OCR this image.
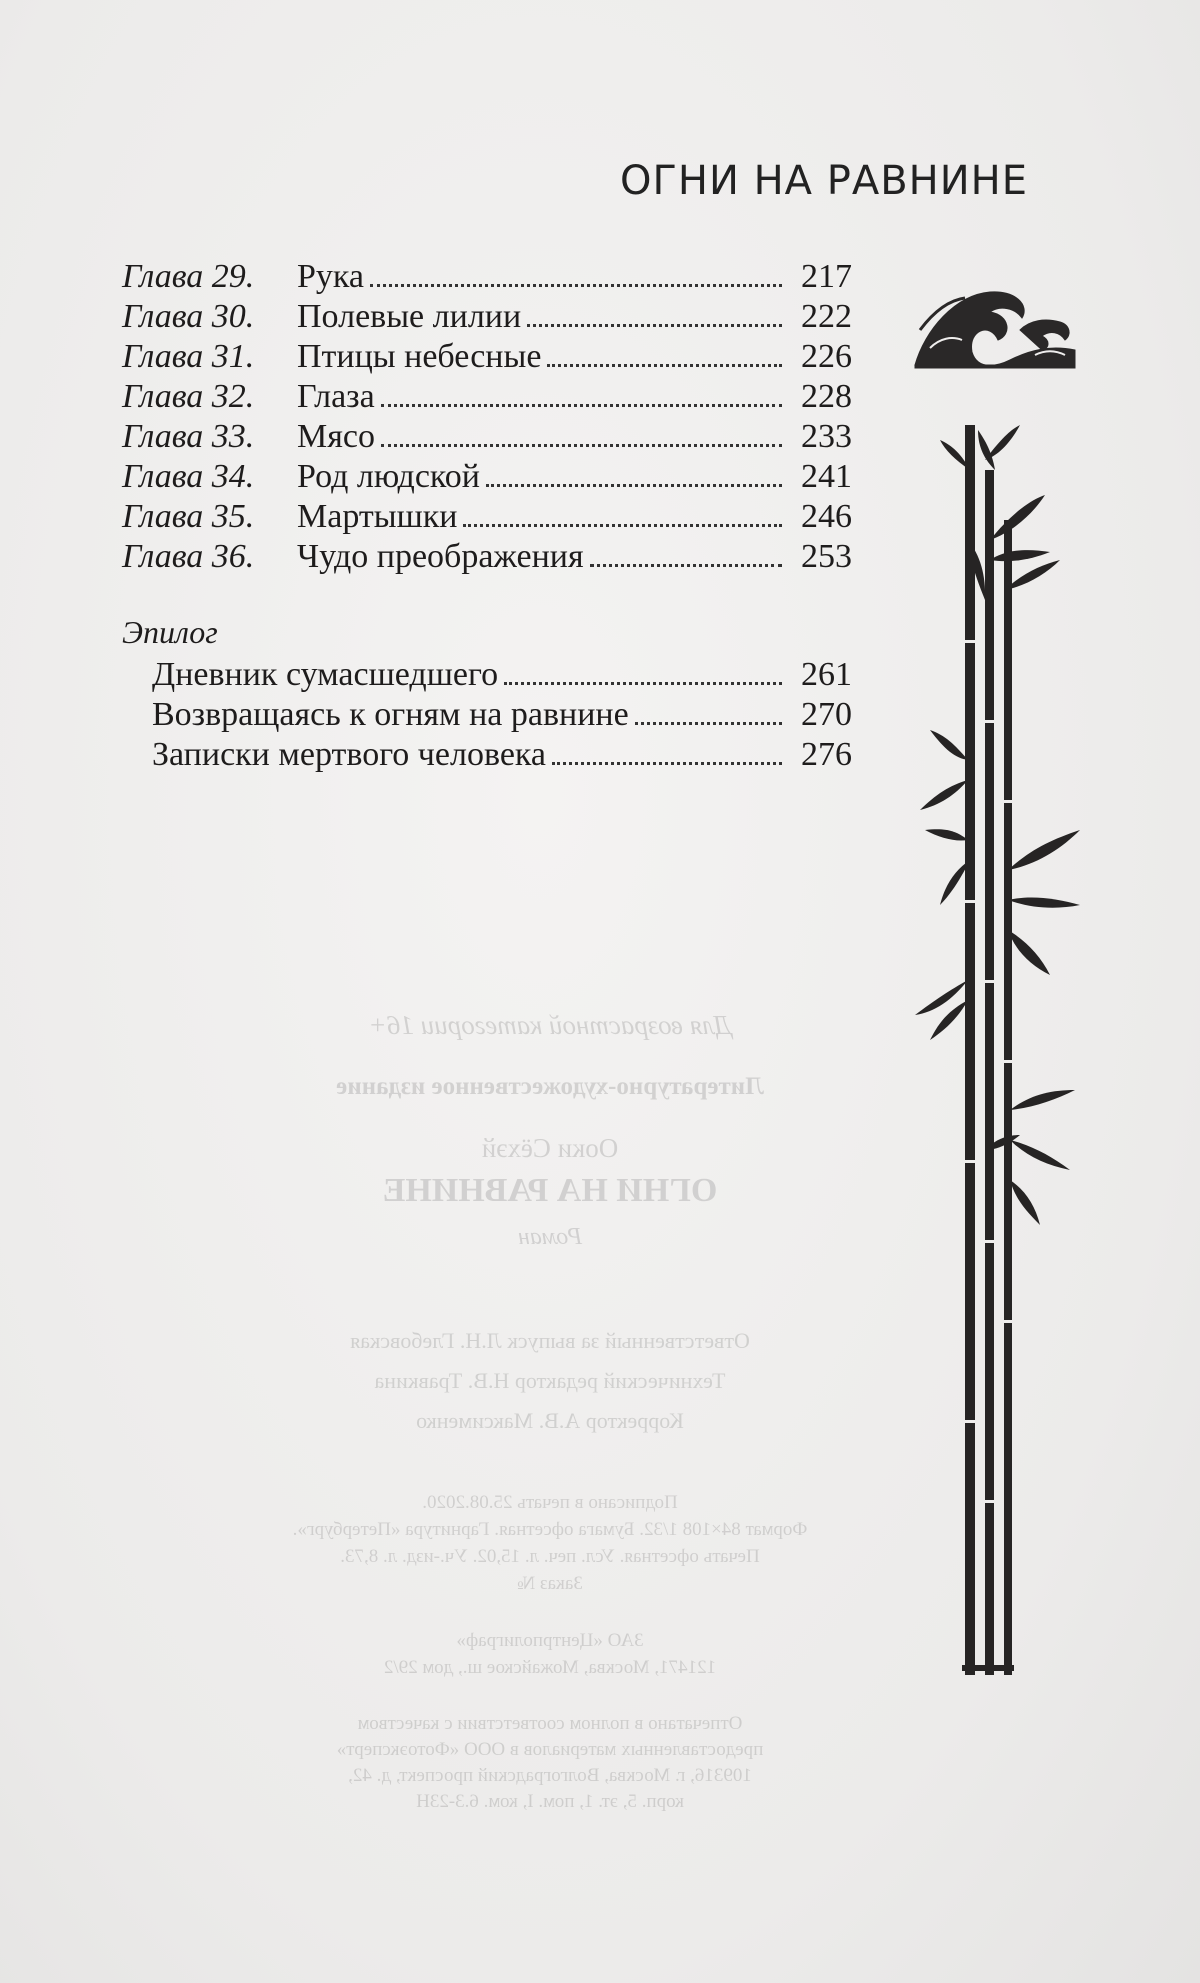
ОГНИ НА РАВНИНЕ
Глава 29.	Рука	217
Глава 30.	Полевые лилии	222
Глава 31.	Птицы небесные	226
Глава 32.	Глаза	228
Глава 33.	Мясо	233
Глава 34.	Род людской	241
Глава 35.	Мартышки	246
Глава 36.	Чудо преображения	253
Эпилог
Дневник сумасшедшего	261
Возвращаясь к огням на равнине	270
Записки мертвого человека	276
Для возрастной категории 16+
Литературно-художественное издание
Ооки Сёхэй
ОГНИ НА РАВНИНЕ
Роман
Ответственный за выпуск Л.Н. Глебовская
Технический редактор Н.В. Травкина
Корректор А.В. Максименко
Подписано в печать 25.08.2020.
Формат 84×108 1/32. Бумага офсетная. Гарнитура «Петербург».
Печать офсетная. Усл. печ. л. 15,02. Уч.-изд. л. 8,73.
Заказ №
ЗАО «Центрполиграф»
121471, Москва, Можайское ш., дом 29/2
Отпечатано в полном соответствии с качеством
предоставленных материалов в ООО «Фотоэксперт»
109316, г. Москва, Волгоградский проспект, д. 42,
корп. 5, эт. 1, пом. I, ком. 6.3-23Н
